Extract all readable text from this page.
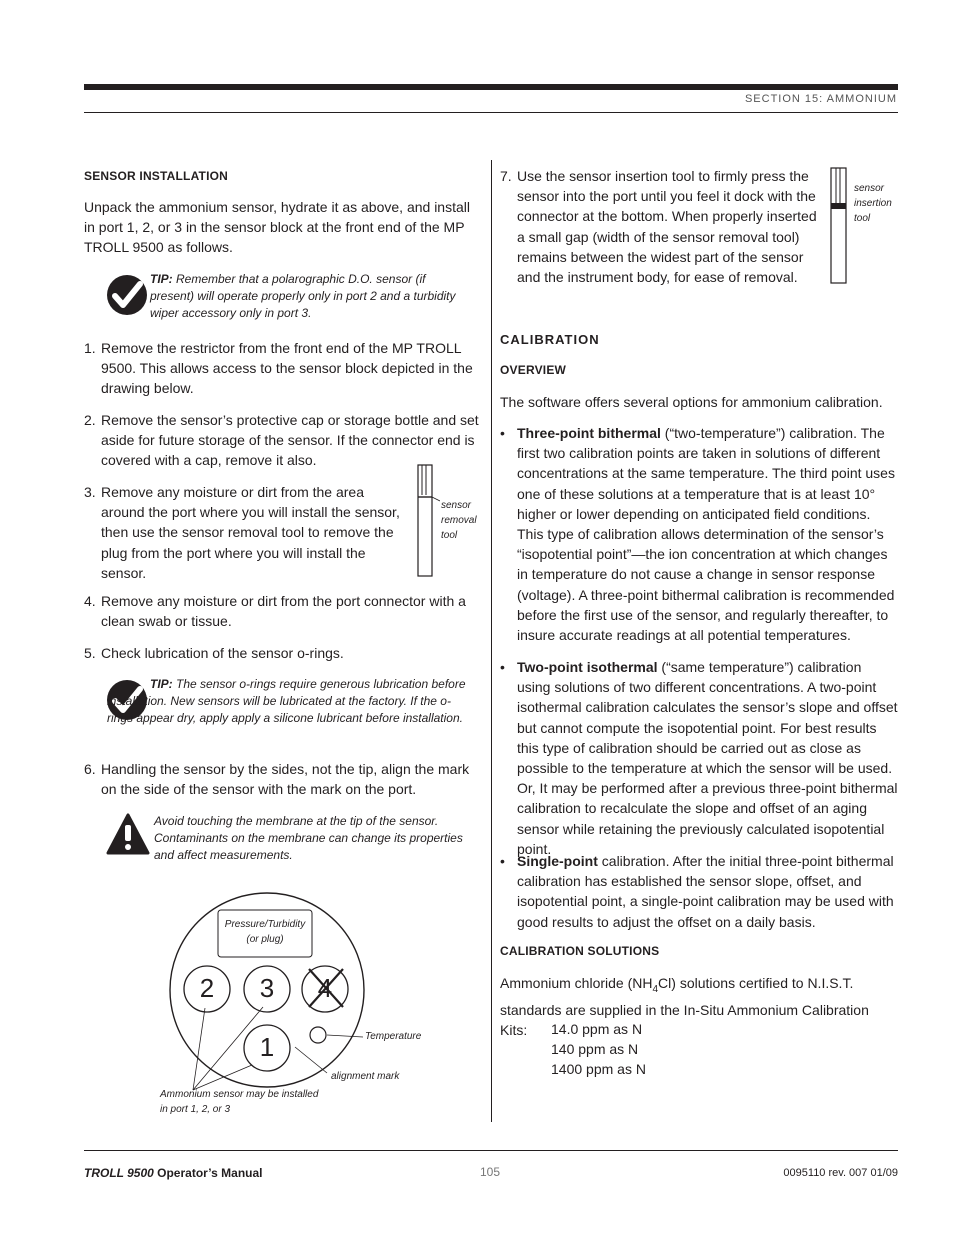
SECTION 15: AMMONIUM
TROLL 9500 Operator’s Manual	105	0095110 rev. 007 01/09
SENSOR INSTALLATION
Unpack the ammonium sensor, hydrate it as above, and install in port 1, 2, or 3 in the sensor block at the front end of the MP TROLL 9500 as follows.
TIP: Remember that a polarographic D.O. sensor (if present) will operate properly only in port 2 and a turbidity wiper accessory only in port 3.
1. Remove the restrictor from the front end of the MP TROLL 9500. This allows access to the sensor block depicted in the drawing below.
2. Remove the sensor’s protective cap or storage bottle and set aside for future storage of the sensor. If the connector end is covered with a cap, remove it also.
3. Remove any moisture or dirt from the area around the port where you will install the sensor, then use the sensor removal tool to remove the plug from the port where you will install the sensor.
sensor removal tool
4. Remove any moisture or dirt from the port connector with a clean swab or tissue.
5. Check lubrication of the sensor o-rings.
TIP: The sensor o-rings require generous lubrication before installation. New sensors will be lubricated at the factory. If the o-rings appear dry, apply apply a silicone lubricant before installation.
6. Handling the sensor by the sides, not the tip, align the mark on the side of the sensor with the mark on the port.
Avoid touching the membrane at the tip of the sensor. Contaminants on the membrane can change its properties and affect measurements.
Pressure/Turbidity
(or plug)
2	3	4
1	Temperature
alignment mark
Ammonium sensor may be installed
in port 1, 2, or 3
7. Use the sensor insertion tool to firmly press the sensor into the port until you feel it dock with the connector at the bottom. When properly inserted a small gap (width of the sensor removal tool) remains between the widest part of the sensor and the instrument body, for ease of removal.
sensor insertion tool
CALIBRATION
OVERVIEW
The software offers several options for ammonium calibration.
• Three-point bithermal (“two-temperature”) calibration. The first two calibration points are taken in solutions of different concentrations at the same temperature. The third point uses one of these solutions at a temperature that is at least 10° higher or lower depending on anticipated field conditions. This type of calibration allows determination of the sensor’s “isopotential point”—the ion concentration at which changes in temperature do not cause a change in sensor response (voltage). A three-point bithermal calibration is recommended before the first use of the sensor, and regularly thereafter, to insure accurate readings at all potential temperatures.
• Two-point isothermal (“same temperature”) calibration using solutions of two different concentrations. A two-point isothermal calibration calculates the sensor’s slope and offset but cannot compute the isopotential point. For best results this type of calibration should be carried out as close as possible to the temperature at which the sensor will be used. Or, It may be performed after a previous three-point bithermal calibration to recalculate the slope and offset of an aging sensor while retaining the previously calculated isopotential point.
• Single-point calibration. After the initial three-point bithermal calibration has established the sensor slope, offset, and isopotential point, a single-point calibration may be used with good results to adjust the offset on a daily basis.
CALIBRATION SOLUTIONS
Ammonium chloride $(NH_4Cl)$ solutions certified to N.I.S.T. standards are supplied in the In-Situ Ammonium Calibration Kits:	14.0 ppm as N
140 ppm as N
1400 ppm as N
